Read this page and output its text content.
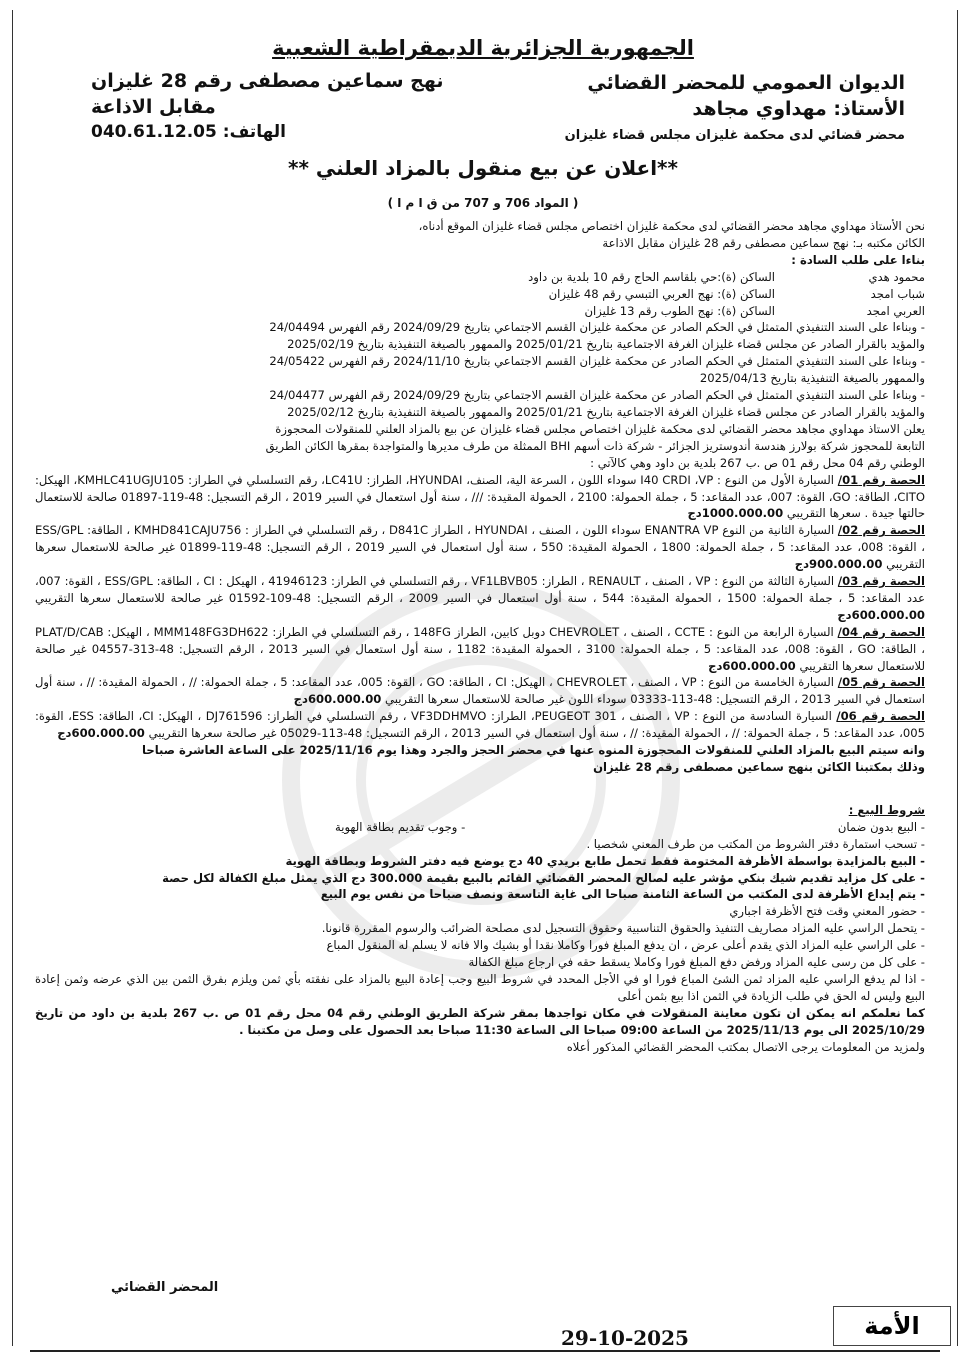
الجمهورية الجزائرية الديمقراطية الشعبية
الديوان العمومي للمحضر القضائي
الأستاذ: مهداوي مجاهد
محضر قضائي لدى محكمة غليزان مجلس قضاء غليزان
نهج سماعين مصطفى رقم 28 غليزان
مقابل الاذاعة
040.61.12.05 الهاتف:
**اعلان عن بيع منقول بالمزاد العلني **
( المواد 706 و 707 من ق ا م ا )

نحن الأستاذ مهداوي مجاهد محضر القضائي لدى محكمة غليزان اختصاص مجلس قضاء غليزان الموقع أدناه،

الكائن مكتبه بـ: نهج سماعين مصطفى رقم 28 غليزان مقابل الاذاعة

بناءا على طلب السادة :

محمود هدي
الساكن (ة):حي بلقاسم الحاج رقم 10 بلدية بن داود
شباب امجد
الساكن (ة): نهج العربي التبسي رقم 48 غليزان
العربي امجد
الساكن (ة): نهج الطوب رقم 13 غليزان

- وبناءا على السند التنفيذي المتمثل في الحكم الصادر عن محكمة غليزان القسم الاجتماعي بتاريخ 2024/09/29 رقم الفهرس 24/04494

والمؤيد بالقرار الصادر عن مجلس قضاء غليزان الغرفة الاجتماعية بتاريخ 2025/01/21 والممهور بالصيغة التنفيذية بتاريخ 2025/02/19

- وبناءا على السند التنفيذي المتمثل في الحكم الصادر عن محكمة غليزان القسم الاجتماعي بتاريخ 2024/11/10 رقم الفهرس 24/05422

والممهور بالصيغة التنفيذية بتاريخ 2025/04/13

- وبناءا على السند التنفيذي المتمثل في الحكم الصادر عن محكمة غليزان القسم الاجتماعي بتاريخ 2024/09/29 رقم الفهرس 24/04477

والمؤيد بالقرار الصادر عن مجلس قضاء غليزان الغرفة الاجتماعية بتاريخ 2025/01/21 والممهور بالصيغة التنفيذية بتاريخ 2025/02/12

يعلن الاستاذ مهداوي مجاهد محضر القضائي لدى محكمة غليزان اختصاص مجلس قضاء غليزان عن بيع بالمزاد العلني للمنقولات المحجوزة

التابعة للمحجوز شركة بولارز هندسة أندوستريز الجزائر - شركة ذات أسهم BHI الممثلة من طرف مديرها والمتواجدة بمقرها الكائن الطريق

الوطني رقم 04 محل رقم 01 ص .ب 267 بلدية بن داود وهي كالآتي :

الحصة رقم 01/ السيارة الأول من النوع : I40 CRDI ،VP سوداء اللون ، السرعة الية، الصنف، HYUNDAI، الطراز: LC41U، رقم التسلسلي في الطراز: KMHLC41UGJU105، الهيكل: CITO، الطاقة: GO، القوة: 007، عدد المقاعد: 5 ، جملة الحمولة: 2100 ، الحمولة المقيدة: /// ، سنة أول استعمال في السير 2019 ، الرقم التسجيل: 48-119-01897 صالحة للاستعمال حالتها جيدة . سعرها التقريبي 1000.000.00دج

الحصة رقم 02/ السيارة الثانية من النوع ENANTRA VP سوداء اللون ، الصنف ، HYUNDAI ، الطراز D841C ، رقم التسلسلي في الطراز : KMHD841CAJU756 ، الطاقة: ESS/GPL ، القوة: 008، عدد المقاعد: 5 ، جملة الحمولة: 1800 ، الحمولة المقيدة: 550 ، سنة أول استعمال في السير 2019 ، الرقم التسجيل: 48-119-01899 غير صالحة للاستعمال سعرها التقريبي 900.000.00دج

الحصة رقم 03/ السيارة الثالثة من النوع : VP ، الصنف ، RENAULT ، الطراز: VF1LBVB05 ، رقم التسلسلي في الطراز: 41946123 ، الهيكل : CI ، الطاقة: ESS/GPL ، القوة: 007، عدد المقاعد: 5 ، جملة الحمولة: 1500 ، الحمولة المقيدة: 544 ، سنة أول استعمال في السير 2009 ، الرقم التسجيل: 48-109-01592 غير صالحة للاستعمال سعرها التقريبي 600.000.00دج

الحصة رقم 04/ السيارة الرابعة من النوع : CCTE ، الصنف ، CHEVROLET دوبل كابين، الطراز 148FG ، رقم التسلسلي في الطراز: MMM148FG3DH622 ، الهيكل: PLAT/D/CAB ، الطاقة: GO ، القوة: 008، عدد المقاعد: 5 ، جملة الحمولة: 3100 ، الحمولة المقيدة: 1182 ، سنة أول استعمال في السير 2013 ، الرقم التسجيل: 48-313-04557 غير صالحة للاستعمال سعرها التقريبي 600.000.00دج

الحصة رقم 05/ السيارة الخامسة من النوع : VP ، الصنف ، CHEVROLET ، الهيكل: CI ، الطاقة: GO ، القوة: 005، عدد المقاعد: 5 ، جملة الحمولة: // ، الحمولة المقيدة: // ، سنة أول استعمال في السير 2013 ، الرقم التسجيل: 48-113-03333 سوداء اللون غير صالحة للاستعمال سعرها التقريبي 600.000.00دج

الحصة رقم 06/ السيارة السادسة من النوع : VP ، الصنف ، PEUGEOT 301، الطراز: VF3DDHMVO ، رقم التسلسلي في الطراز: DJ761596 ، الهيكل: CI، الطاقة: ESS، القوة: 005، عدد المقاعد: 5 ، جملة الحمولة: // ، الحمولة المقيدة: // ، سنة أول استعمال في السير 2013 ، الرقم التسجيل: 48-113-05029 غير صالحة سعرها التقريبي 600.000.00دج

وانه سيتم البيع بالمزاد العلني للمنقولات المحجوزة المنوه عنها في محضر الحجز والجرد وهذا يوم 2025/11/16 على الساعة العاشرة صباحا

وذلك بمكتبنا الكائن بنهج سماعين مصطفى رقم 28 غليزان

شروط البيع :

- البيع بدون ضمان
- وجوب تقديم بطاقة الهوية

- تسحب استمارة دفتر الشروط من المكتب من طرف المعني شخصيا .

- البيع بالمزايدة بواسطة الأظرفة المختومة فقط تحمل طابع بريدي 40 دج يوضع فيه دفتر الشروط وبطاقة الهوية

- على كل مزايد تقديم شيك بنكي مؤشر عليه لصالح المحضر القضائي القائم بالبيع بقيمة 300.000 دج الذي يمثل مبلغ الكفالة لكل حصة

- يتم إيداع الأظرفة لدى المكتب من الساعة الثامنة صباحا الى غاية التاسعة ونصف صباحا من نفس يوم البيع

- حضور المعني وقت فتح الأظرفة اجباري

- يتحمل الراسي عليه المزاد مصاريف التنفيذ والحقوق التناسبية وحقوق التسجيل لدى مصلحة الضرائب والرسوم المقررة قانونا.

- على الراسي عليه المزاد الذي يقدم أعلى عرض ، ان يدفع المبلغ فورا وكاملا نقدا أو بشيك والا فانه لا يسلم له المنقول المباع

- على كل من رسى عليه المزاد ورفض دفع المبلغ فورا وكاملا يسقط حقه في ارجاع مبلغ الكفالة

- اذا لم يدفع الراسي عليه المزاد ثمن الشئ المباع فورا او في الأجل المحدد في شروط البيع وجب إعادة البيع بالمزاد على نفقته بأي ثمن ويلزم بفرق الثمن بين الذي عرضه وثمن إعادة البيع وليس له الحق في طلب الزيادة في الثمن اذا بيع بثمن أعلى

كما نعلمكم انه يمكن ان تكون معاينة المنقولات في مكان تواجدها بمقر شركة الطريق الوطني رقم 04 محل رقم 01 ص .ب 267 بلدية بن داود من تاريخ 2025/10/29 الى يوم 2025/11/13 من الساعة 09:00 صباحا الى الساعة 11:30 صباحا بعد الحصول على وصل من مكتبنا .

ولمزيد من المعلومات يرجى الاتصال بمكتب المحضر القضائي المذكور أعلاه

المحضر القضائي
29-10-2025	الأمة
